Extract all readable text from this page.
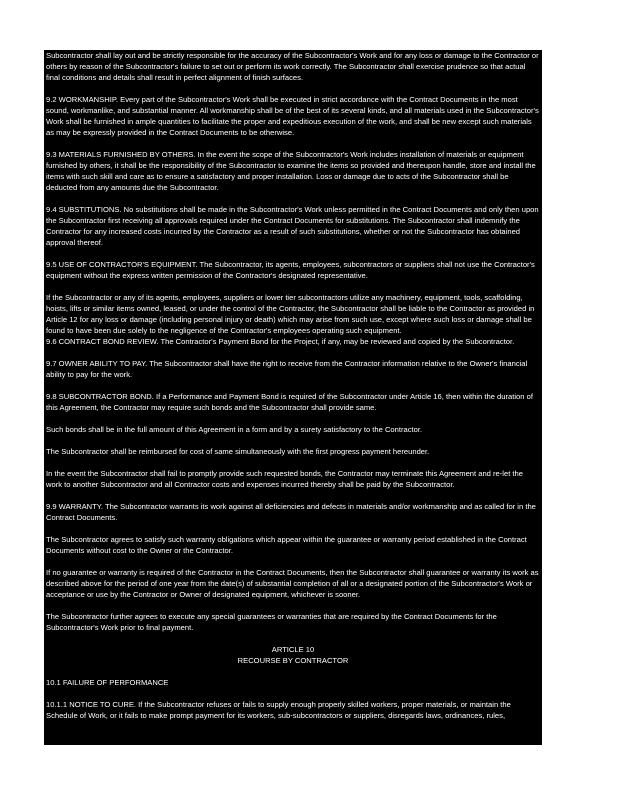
Subcontractor shall lay out and be strictly responsible for the accuracy of the Subcontractor's Work and for any loss or damage to the Contractor or others by reason of the Subcontractor's failure to set out or perform its work correctly. The Subcontractor shall exercise prudence so that actual final conditions and details shall result in perfect alignment of finish surfaces.

9.2 WORKMANSHIP. Every part of the Subcontractor's Work shall be executed in strict accordance with the Contract Documents in the most sound, workmanlike, and substantial manner. All workmanship shall be of the best of its several kinds, and all materials used in the Subcontractor's Work shall be furnished in ample quantities to facilitate the proper and expeditious execution of the work, and shall be new except such materials as may be expressly provided in the Contract Documents to be otherwise.

9.3 MATERIALS FURNISHED BY OTHERS. In the event the scope of the Subcontractor's Work includes installation of materials or equipment furnished by others, it shall be the responsibility of the Subcontractor to examine the items so provided and thereupon handle, store and install the items with such skill and care as to ensure a satisfactory and proper installation. Loss or damage due to acts of the Subcontractor shall be deducted from any amounts due the Subcontractor.

9.4 SUBSTITUTIONS. No substitutions shall be made in the Subcontractor's Work unless permitted in the Contract Documents and only then upon the Subcontractor first receiving all approvals required under the Contract Documents for substitutions. The Subcontractor shall indemnify the Contractor for any increased costs incurred by the Contractor as a result of such substitutions, whether or not the Subcontractor has obtained approval thereof.

9.5 USE OF CONTRACTOR'S EQUIPMENT. The Subcontractor, its agents, employees, subcontractors or suppliers shall not use the Contractor's equipment without the express written permission of the Contractor's designated representative.

If the Subcontractor or any of its agents, employees, suppliers or lower tier subcontractors utilize any machinery, equipment, tools, scaffolding, hoists, lifts or similar items owned, leased, or under the control of the Contractor, the Subcontractor shall be liable to the Contractor as provided in Article 12 for any loss or damage (including personal injury or death) which may arise from such use, except where such loss or damage shall be found to have been due solely to the negligence of the Contractor's employees operating such equipment.

9.6 CONTRACT BOND REVIEW. The Contractor's Payment Bond for the Project, if any, may be reviewed and copied by the Subcontractor.

9.7 OWNER ABILITY TO PAY. The Subcontractor shall have the right to receive from the Contractor information relative to the Owner's financial ability to pay for the work.

9.8 SUBCONTRACTOR BOND. If a Performance and Payment Bond is required of the Subcontractor under Article 16, then within the duration of this Agreement, the Contractor may require such bonds and the Subcontractor shall provide same.

Such bonds shall be in the full amount of this Agreement in a form and by a surety satisfactory to the Contractor.

The Subcontractor shall be reimbursed for cost of same simultaneously with the first progress payment hereunder.

In the event the Subcontractor shall fail to promptly provide such requested bonds, the Contractor may terminate this Agreement and re-let the work to another Subcontractor and all Contractor costs and expenses incurred thereby shall be paid by the Subcontractor.

9.9 WARRANTY. The Subcontractor warrants its work against all deficiencies and defects in materials and/or workmanship and as called for in the Contract Documents.

The Subcontractor agrees to satisfy such warranty obligations which appear within the guarantee or warranty period established in the Contract Documents without cost to the Owner or the Contractor.

If no guarantee or warranty is required of the Contractor in the Contract Documents, then the Subcontractor shall guarantee or warranty its work as described above for the period of one year from the date(s) of substantial completion of all or a designated portion of the Subcontractor's Work or acceptance or use by the Contractor or Owner of designated equipment, whichever is sooner.

The Subcontractor further agrees to execute any special guarantees or warranties that are required by the Contract Documents for the Subcontractor's Work prior to final payment.

ARTICLE 10

RECOURSE BY CONTRACTOR

10.1 FAILURE OF PERFORMANCE

10.1.1 NOTICE TO CURE. If the Subcontractor refuses or fails to supply enough properly skilled workers, proper materials, or maintain the Schedule of Work, or it fails to make prompt payment for its workers, sub-subcontractors or suppliers, disregards laws, ordinances, rules,
